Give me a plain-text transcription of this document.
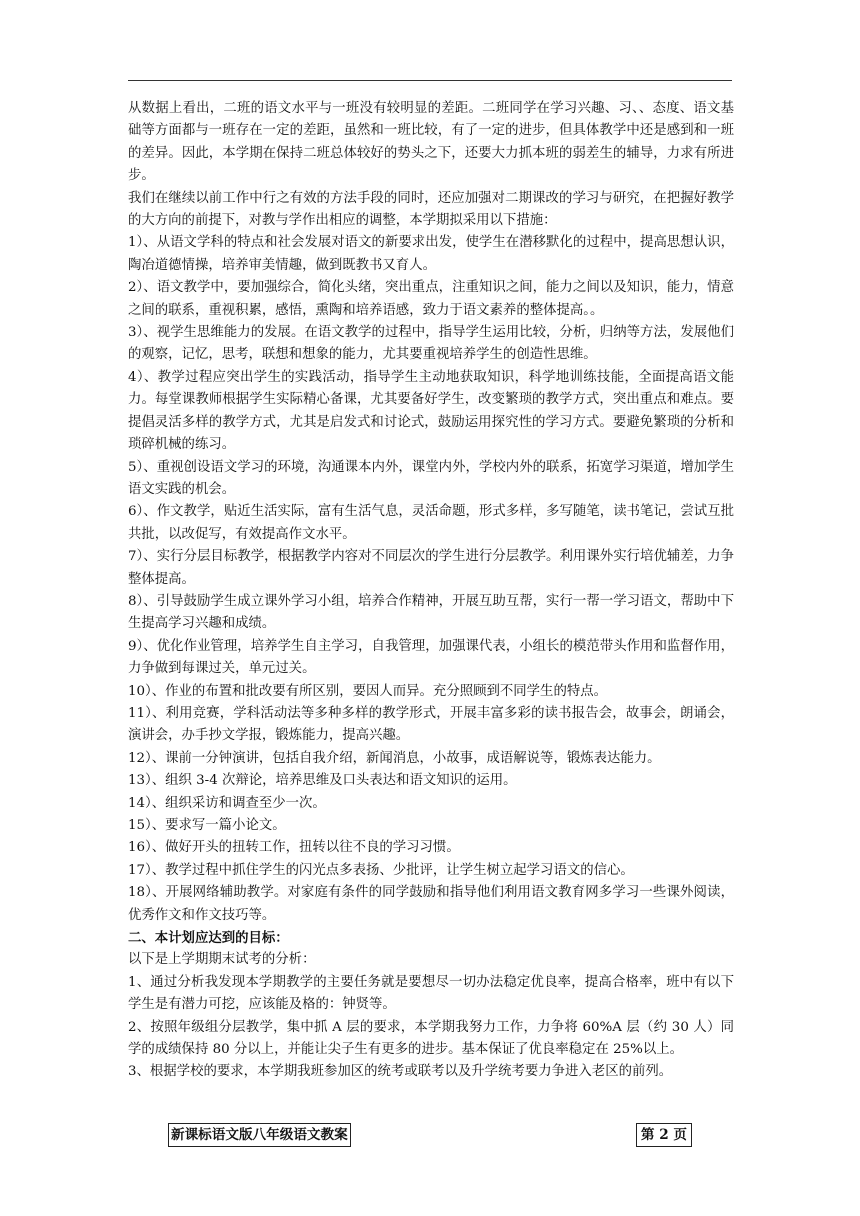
从数据上看出，二班的语文水平与一班没有较明显的差距。二班同学在学习兴趣、习、、态度、语文基础等方面都与一班存在一定的差距，虽然和一班比较，有了一定的进步，但具体教学中还是感到和一班的差异。因此，本学期在保持二班总体较好的势头之下，还要大力抓本班的弱差生的辅导，力求有所进步。

我们在继续以前工作中行之有效的方法手段的同时，还应加强对二期课改的学习与研究，在把握好教学的大方向的前提下，对教与学作出相应的调整，本学期拟采用以下措施：

1）、从语文学科的特点和社会发展对语文的新要求出发，使学生在潜移默化的过程中，提高思想认识，陶冶道德情操，培养审美情趣，做到既教书又育人。

2）、语文教学中，要加强综合，简化头绪，突出重点，注重知识之间，能力之间以及知识，能力，情意之间的联系，重视积累，感悟，熏陶和培养语感，致力于语文素养的整体提高。。

3）、视学生思维能力的发展。在语文教学的过程中，指导学生运用比较，分析，归纳等方法，发展他们的观察，记忆，思考，联想和想象的能力，尤其要重视培养学生的创造性思维。

4）、教学过程应突出学生的实践活动，指导学生主动地获取知识，科学地训练技能，全面提高语文能力。每堂课教师根据学生实际精心备课，尤其要备好学生，改变繁琐的教学方式，突出重点和难点。要提倡灵活多样的教学方式，尤其是启发式和讨论式，鼓励运用探究性的学习方式。要避免繁琐的分析和琐碎机械的练习。

5）、重视创设语文学习的环境，沟通课本内外，课堂内外，学校内外的联系，拓宽学习渠道，增加学生语文实践的机会。

6）、作文教学，贴近生活实际，富有生活气息，灵活命题，形式多样，多写随笔，读书笔记，尝试互批共批，以改促写，有效提高作文水平。

7）、实行分层目标教学，根据教学内容对不同层次的学生进行分层教学。利用课外实行培优辅差，力争整体提高。

8）、引导鼓励学生成立课外学习小组，培养合作精神，开展互助互帮，实行一帮一学习语文，帮助中下生提高学习兴趣和成绩。

9）、优化作业管理，培养学生自主学习，自我管理，加强课代表，小组长的模范带头作用和监督作用，力争做到每课过关，单元过关。

10）、作业的布置和批改要有所区别，要因人而异。充分照顾到不同学生的特点。

11）、利用竞赛，学科活动法等多种多样的教学形式，开展丰富多彩的读书报告会，故事会，朗诵会，演讲会，办手抄文学报，锻炼能力，提高兴趣。

12）、课前一分钟演讲，包括自我介绍，新闻消息，小故事，成语解说等，锻炼表达能力。

13）、组织 3-4 次辩论，培养思维及口头表达和语文知识的运用。

14）、组织采访和调查至少一次。

15）、要求写一篇小论文。

16）、做好开头的扭转工作，扭转以往不良的学习习惯。

17）、教学过程中抓住学生的闪光点多表扬、少批评，让学生树立起学习语文的信心。

18）、开展网络辅助教学。对家庭有条件的同学鼓励和指导他们利用语文教育网多学习一些课外阅读，优秀作文和作文技巧等。

二、本计划应达到的目标：

以下是上学期期末试考的分析：

1、通过分析我发现本学期教学的主要任务就是要想尽一切办法稳定优良率，提高合格率，班中有以下学生是有潜力可挖，应该能及格的：钟贤等。

2、按照年级组分层教学，集中抓 A 层的要求，本学期我努力工作，力争将 60%A 层（约 30 人）同学的成绩保持 80 分以上，并能让尖子生有更多的进步。基本保证了优良率稳定在 25%以上。

3、根据学校的要求，本学期我班参加区的统考或联考以及升学统考要力争进入老区的前列。

新课标语文版八年级语文教案	第 2 页
